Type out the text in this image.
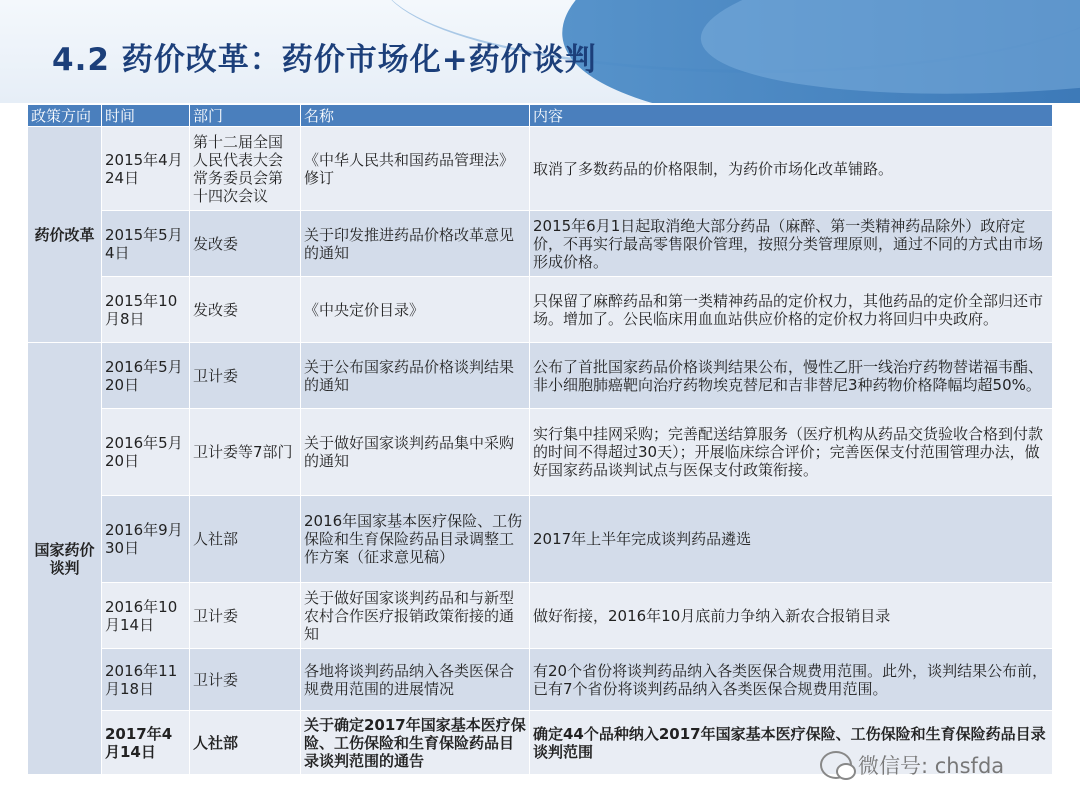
4.2 药价改革：药价市场化+药价谈判
政策方向	时间	部门	名称	内容
药价改革	2015年4月24日	第十二届全国人民代表大会常务委员会第十四次会议	《中华人民共和国药品管理法》修订	取消了多数药品的价格限制，为药价市场化改革铺路。
	2015年5月4日	发改委	关于印发推进药品价格改革意见的通知	2015年6月1日起取消绝大部分药品（麻醉、第一类精神药品除外）政府定价，不再实行最高零售限价管理，按照分类管理原则，通过不同的方式由市场形成价格。
	2015年10月8日	发改委	《中央定价目录》	只保留了麻醉药品和第一类精神药品的定价权力，其他药品的定价全部归还市场。增加了。公民临床用血血站供应价格的定价权力将回归中央政府。
国家药价谈判	2016年5月20日	卫计委	关于公布国家药品价格谈判结果的通知	公布了首批国家药品价格谈判结果公布，慢性乙肝一线治疗药物替诺福韦酯、非小细胞肺癌靶向治疗药物埃克替尼和吉非替尼3种药物价格降幅均超50%。
	2016年5月20日	卫计委等7部门	关于做好国家谈判药品集中采购的通知	实行集中挂网采购；完善配送结算服务（医疗机构从药品交货验收合格到付款的时间不得超过30天）；开展临床综合评价；完善医保支付范围管理办法，做好国家药品谈判试点与医保支付政策衔接。
	2016年9月30日	人社部	2016年国家基本医疗保险、工伤保险和生育保险药品目录调整工作方案（征求意见稿）	2017年上半年完成谈判药品遴选
	2016年10月14日	卫计委	关于做好国家谈判药品和与新型农村合作医疗报销政策衔接的通知	做好衔接，2016年10月底前力争纳入新农合报销目录
	2016年11月18日	卫计委	各地将谈判药品纳入各类医保合规费用范围的进展情况	有20个省份将谈判药品纳入各类医保合规费用范围。此外，谈判结果公布前，已有7个省份将谈判药品纳入各类医保合规费用范围。
	2017年4月14日	人社部	关于确定2017年国家基本医疗保险、工伤保险和生育保险药品目录谈判范围的通告	确定44个品种纳入2017年国家基本医疗保险、工伤保险和生育保险药品目录谈判范围
微信号: chsfda
